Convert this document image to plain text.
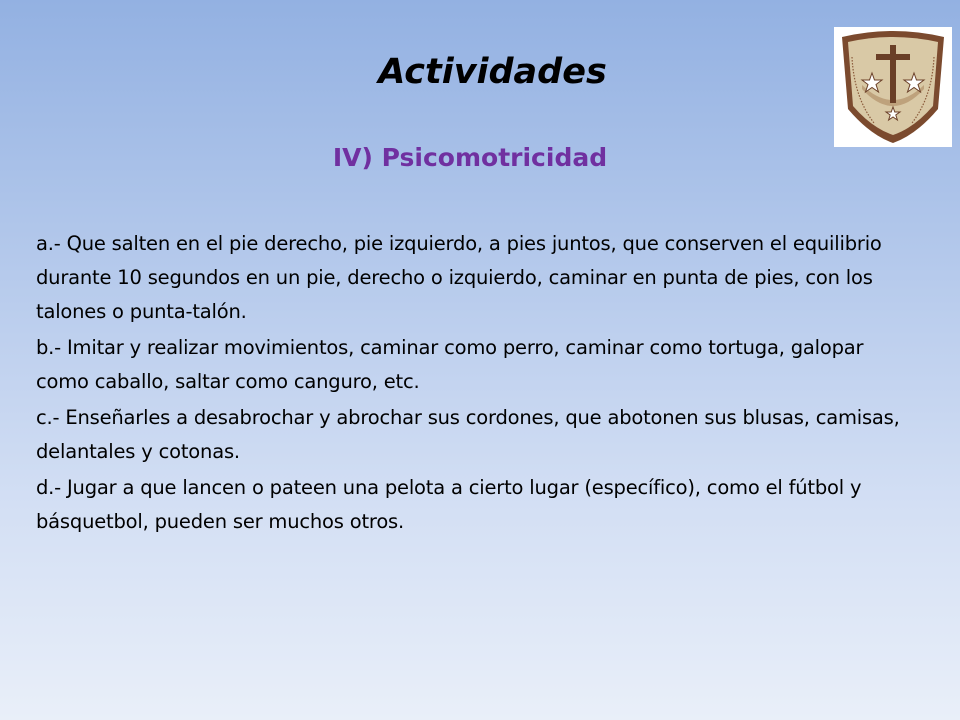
Actividades
IV) Psicomotricidad
a.- Que salten en el pie derecho, pie izquierdo, a pies juntos, que conserven el equilibrio durante 10 segundos en un pie, derecho o izquierdo, caminar en punta de pies, con los talones o punta-talón.
b.- Imitar y realizar movimientos, caminar como perro, caminar como tortuga, galopar como caballo, saltar como canguro, etc.
c.- Enseñarles a desabrochar y abrochar sus cordones, que abotonen sus blusas, camisas, delantales y cotonas.
d.- Jugar a que lancen o pateen una pelota a cierto lugar (específico), como el fútbol y básquetbol, pueden ser muchos otros.
